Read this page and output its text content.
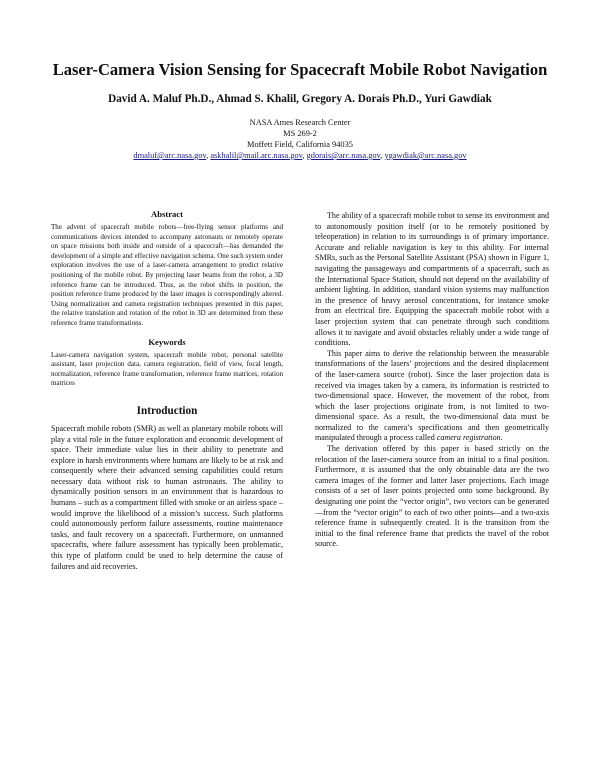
Laser-Camera Vision Sensing for Spacecraft Mobile Robot Navigation
David A. Maluf Ph.D., Ahmad S. Khalil, Gregory A. Dorais Ph.D., Yuri Gawdiak
NASA Ames Research Center
MS 269-2
Moffett Field, California 94035
dmaluf@arc.nasa.gov, askhalil@mail.arc.nasa.gov, gdorais@arc.nasa.gov, ygawdiak@arc.nasa.gov
Abstract

The advent of spacecraft mobile robots—free-flying sensor platforms and communications devices intended to accompany astronauts or remotely operate on space missions both inside and outside of a spacecraft—has demanded the development of a simple and effective navigation schema. One such system under exploration involves the use of a laser-camera arrangement to predict relative positioning of the mobile robot. By projecting laser beams from the robot, a 3D reference frame can be introduced. Thus, as the robot shifts in position, the position reference frame produced by the laser images is correspondingly altered. Using normalization and camera registration techniques presented in this paper, the relative translation and rotation of the robot in 3D are determined from these reference frame transformations.

Keywords

Laser-camera navigation system, spacecraft mobile robot, personal satellite assistant, laser projection data, camera registration, field of view, focal length, normalization, reference frame transformation, reference frame matrices, rotation matrices

Introduction

Spacecraft mobile robots (SMR) as well as planetary mobile robots will play a vital role in the future exploration and economic development of space. Their immediate value lies in their ability to penetrate and explore in harsh environments where humans are likely to be at risk and consequently where their advanced sensing capabilities could return necessary data without risk to human astronauts. The ability to dynamically position sensors in an environment that is hazardous to humans – such as a compartment filled with smoke or an airless space – would improve the likelihood of a mission’s success. Such platforms could autonomously perform failure assessments, routine maintenance tasks, and fault recovery on a spacecraft. Furthermore, on unmanned spacecrafts, where failure assessment has typically been problematic, this type of platform could be used to help determine the cause of failures and aid recoveries.

The ability of a spacecraft mobile robot to sense its environment and to autonomously position itself (or to be remotely positioned by teleoperation) in relation to its surroundings is of primary importance. Accurate and reliable navigation is key to this ability. For internal SMRs, such as the Personal Satellite Assistant (PSA) shown in Figure 1, navigating the passageways and compartments of a spacecraft, such as the International Space Station, should not depend on the availability of ambient lighting. In addition, standard vision systems may malfunction in the presence of heavy aerosol concentrations, for instance smoke from an electrical fire. Equipping the spacecraft mobile robot with a laser projection system that can penetrate through such conditions allows it to navigate and avoid obstacles reliably under a wide range of conditions.

This paper aims to derive the relationship between the measurable transformations of the lasers’ projections and the desired displacement of the laser-camera source (robot). Since the laser projection data is received via images taken by a camera, its information is restricted to two-dimensional space. However, the movement of the robot, from which the laser projections originate from, is not limited to two-dimensional space. As a result, the two-dimensional data must be normalized to the camera’s specifications and then geometrically manipulated through a process called camera registration.

The derivation offered by this paper is based strictly on the relocation of the laser-camera source from an initial to a final position. Furthermore, it is assumed that the only obtainable data are the two camera images of the former and latter laser projections. Each image consists of a set of laser points projected onto some background. By designating one point the “vector origin”, two vectors can be generated—from the “vector origin” to each of two other points—and a two-axis reference frame is subsequently created. It is the transition from the initial to the final reference frame that predicts the travel of the robot source.
